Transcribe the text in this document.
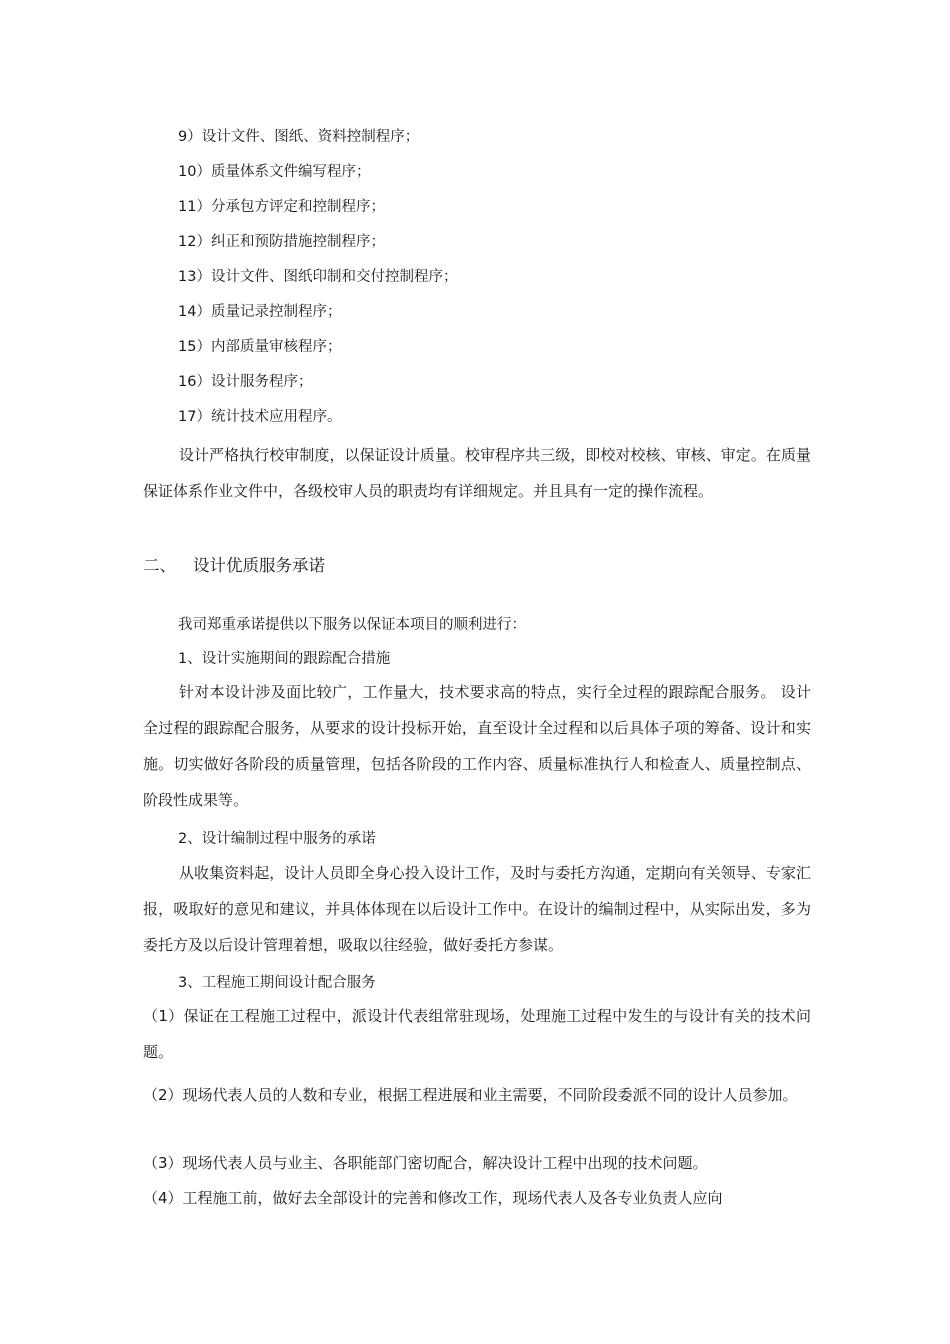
9）设计文件、图纸、资料控制程序；
10）质量体系文件编写程序；
11）分承包方评定和控制程序；
12）纠正和预防措施控制程序；
13）设计文件、图纸印制和交付控制程序；
14）质量记录控制程序；
15）内部质量审核程序；
16）设计服务程序；
17）统计技术应用程序。

设计严格执行校审制度，以保证设计质量。校审程序共三级，即校对校核、审核、审定。在质量保证体系作业文件中，各级校审人员的职责均有详细规定。并且具有一定的操作流程。

二、 设计优质服务承诺
我司郑重承诺提供以下服务以保证本项目的顺利进行：
1、设计实施期间的跟踪配合措施

针对本设计涉及面比较广，工作量大，技术要求高的特点，实行全过程的跟踪配合服务。 设计全过程的跟踪配合服务，从要求的设计投标开始，直至设计全过程和以后具体子项的筹备、设计和实施。切实做好各阶段的质量管理，包括各阶段的工作内容、质量标准执行人和检查人、质量控制点、阶段性成果等。

2、设计编制过程中服务的承诺

从收集资料起，设计人员即全身心投入设计工作，及时与委托方沟通，定期向有关领导、专家汇报，吸取好的意见和建议，并具体体现在以后设计工作中。在设计的编制过程中，从实际出发，多为委托方及以后设计管理着想，吸取以往经验，做好委托方参谋。

3、工程施工期间设计配合服务

（1）保证在工程施工过程中，派设计代表组常驻现场，处理施工过程中发生的与设计有关的技术问题。

（2）现场代表人员的人数和专业，根据工程进展和业主需要，不同阶段委派不同的设计人员参加。

（3）现场代表人员与业主、各职能部门密切配合，解决设计工程中出现的技术问题。

（4）工程施工前，做好去全部设计的完善和修改工作，现场代表人及各专业负责人应向
